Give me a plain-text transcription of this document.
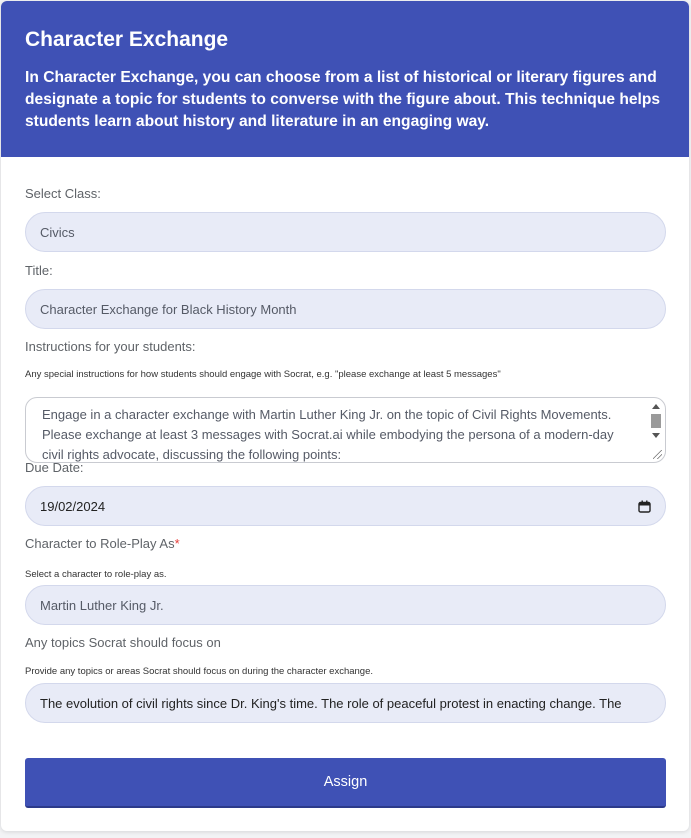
Character Exchange

In Character Exchange, you can choose from a list of historical or literary figures and designate a topic for students to converse with the figure about. This technique helps students learn about history and literature in an engaging way.

Select Class:
Civics
Title:
Character Exchange for Black History Month
Instructions for your students:
Any special instructions for how students should engage with Socrat, e.g. "please exchange at least 5 messages"
Engage in a character exchange with Martin Luther King Jr. on the topic of Civil Rights Movements. Please exchange at least 3 messages with Socrat.ai while embodying the persona of a modern-day civil rights advocate, discussing the following points:
Due Date:
19/02/2024
Character to Role-Play As*
Select a character to role-play as.
Martin Luther King Jr.
Any topics Socrat should focus on
Provide any topics or areas Socrat should focus on during the character exchange.
The evolution of civil rights since Dr. King's time. The role of peaceful protest in enacting change. The
Assign
